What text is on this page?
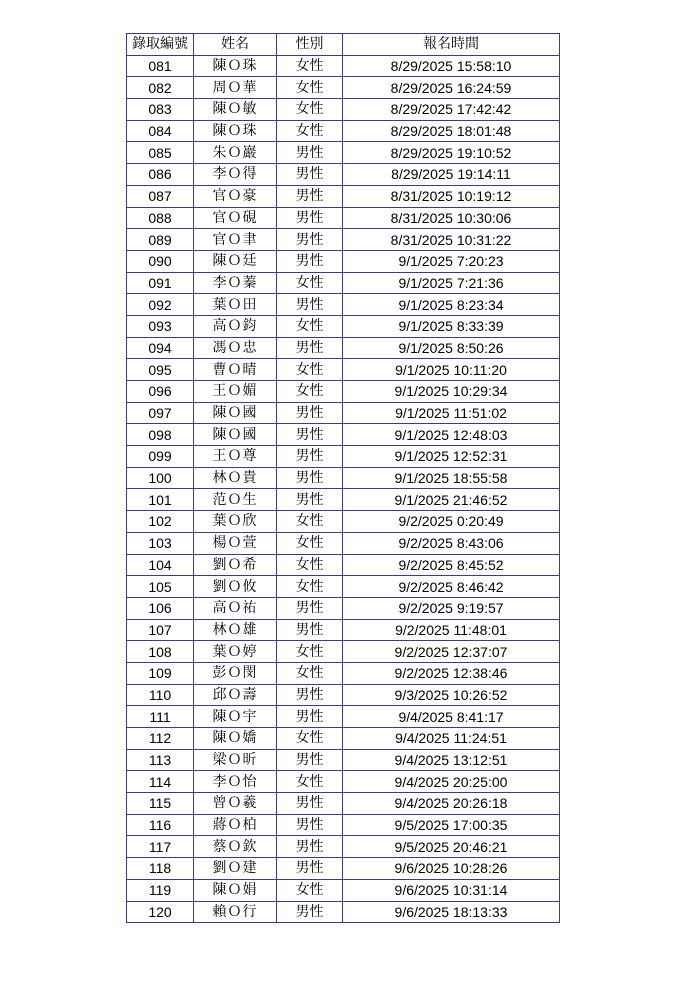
錄取編號	姓名	性別	報名時間
081	陳Ｏ珠	女性	8/29/2025 15:58:10
082	周Ｏ華	女性	8/29/2025 16:24:59
083	陳Ｏ敏	女性	8/29/2025 17:42:42
084	陳Ｏ珠	女性	8/29/2025 18:01:48
085	朱Ｏ巖	男性	8/29/2025 19:10:52
086	李Ｏ得	男性	8/29/2025 19:14:11
087	官Ｏ豪	男性	8/31/2025 10:19:12
088	官Ｏ硯	男性	8/31/2025 10:30:06
089	官Ｏ聿	男性	8/31/2025 10:31:22
090	陳Ｏ廷	男性	9/1/2025 7:20:23
091	李Ｏ蓁	女性	9/1/2025 7:21:36
092	葉Ｏ田	男性	9/1/2025 8:23:34
093	高Ｏ鈞	女性	9/1/2025 8:33:39
094	馮Ｏ忠	男性	9/1/2025 8:50:26
095	曹Ｏ晴	女性	9/1/2025 10:11:20
096	王Ｏ媚	女性	9/1/2025 10:29:34
097	陳Ｏ國	男性	9/1/2025 11:51:02
098	陳Ｏ國	男性	9/1/2025 12:48:03
099	王Ｏ尊	男性	9/1/2025 12:52:31
100	林Ｏ貴	男性	9/1/2025 18:55:58
101	范Ｏ生	男性	9/1/2025 21:46:52
102	葉Ｏ欣	女性	9/2/2025 0:20:49
103	楊Ｏ萱	女性	9/2/2025 8:43:06
104	劉Ｏ希	女性	9/2/2025 8:45:52
105	劉Ｏ攸	女性	9/2/2025 8:46:42
106	高Ｏ祐	男性	9/2/2025 9:19:57
107	林Ｏ雄	男性	9/2/2025 11:48:01
108	葉Ｏ婷	女性	9/2/2025 12:37:07
109	彭Ｏ閔	女性	9/2/2025 12:38:46
110	邱Ｏ壽	男性	9/3/2025 10:26:52
111	陳Ｏ宇	男性	9/4/2025 8:41:17
112	陳Ｏ嬌	女性	9/4/2025 11:24:51
113	梁Ｏ昕	男性	9/4/2025 13:12:51
114	李Ｏ怡	女性	9/4/2025 20:25:00
115	曾Ｏ羲	男性	9/4/2025 20:26:18
116	蔣Ｏ柏	男性	9/5/2025 17:00:35
117	蔡Ｏ欽	男性	9/5/2025 20:46:21
118	劉Ｏ建	男性	9/6/2025 10:28:26
119	陳Ｏ娟	女性	9/6/2025 10:31:14
120	賴Ｏ行	男性	9/6/2025 18:13:33
